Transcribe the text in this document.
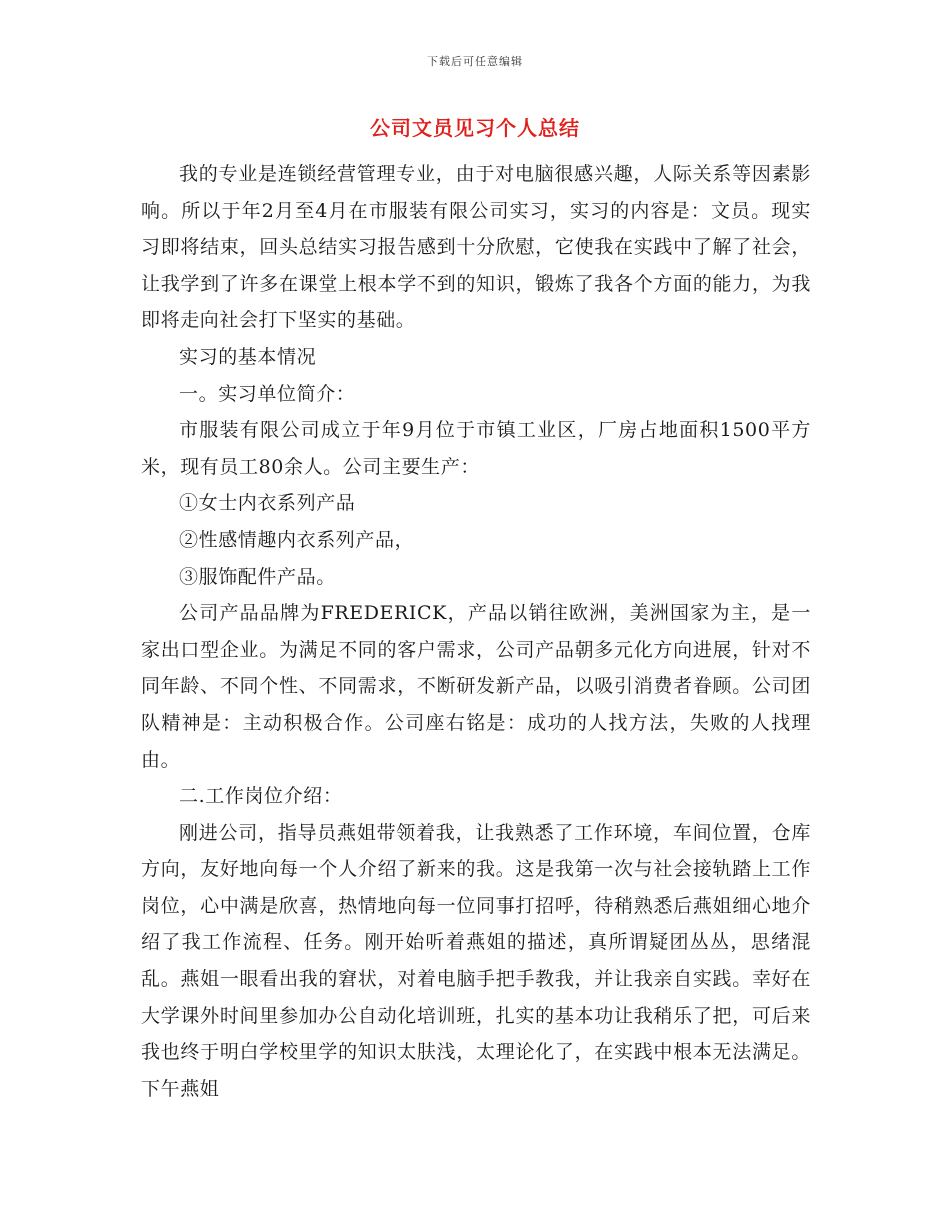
下载后可任意编辑
公司文员见习个人总结

我的专业是连锁经营管理专业，由于对电脑很感兴趣，人际关系等因素影响。所以于年2月至4月在市服装有限公司实习，实习的内容是：文员。现实习即将结束，回头总结实习报告感到十分欣慰，它使我在实践中了解了社会，让我学到了许多在课堂上根本学不到的知识，锻炼了我各个方面的能力，为我即将走向社会打下坚实的基础。

实习的基本情况

一。实习单位简介：

市服装有限公司成立于年9月位于市镇工业区，厂房占地面积1500平方米，现有员工80余人。公司主要生产：

①女士内衣系列产品

②性感情趣内衣系列产品，

③服饰配件产品。

公司产品品牌为FREDERICK，产品以销往欧洲，美洲国家为主，是一家出口型企业。为满足不同的客户需求，公司产品朝多元化方向进展，针对不同年龄、不同个性、不同需求，不断研发新产品，以吸引消费者眷顾。公司团队精神是：主动积极合作。公司座右铭是：成功的人找方法，失败的人找理由。

二.工作岗位介绍：

刚进公司，指导员燕姐带领着我，让我熟悉了工作环境，车间位置，仓库方向，友好地向每一个人介绍了新来的我。这是我第一次与社会接轨踏上工作岗位，心中满是欣喜，热情地向每一位同事打招呼，待稍熟悉后燕姐细心地介绍了我工作流程、任务。刚开始听着燕姐的描述，真所谓疑团丛丛，思绪混乱。燕姐一眼看出我的窘状，对着电脑手把手教我，并让我亲自实践。幸好在大学课外时间里参加办公自动化培训班，扎实的基本功让我稍乐了把，可后来我也终于明白学校里学的知识太肤浅，太理论化了，在实践中根本无法满足。下午燕姐
